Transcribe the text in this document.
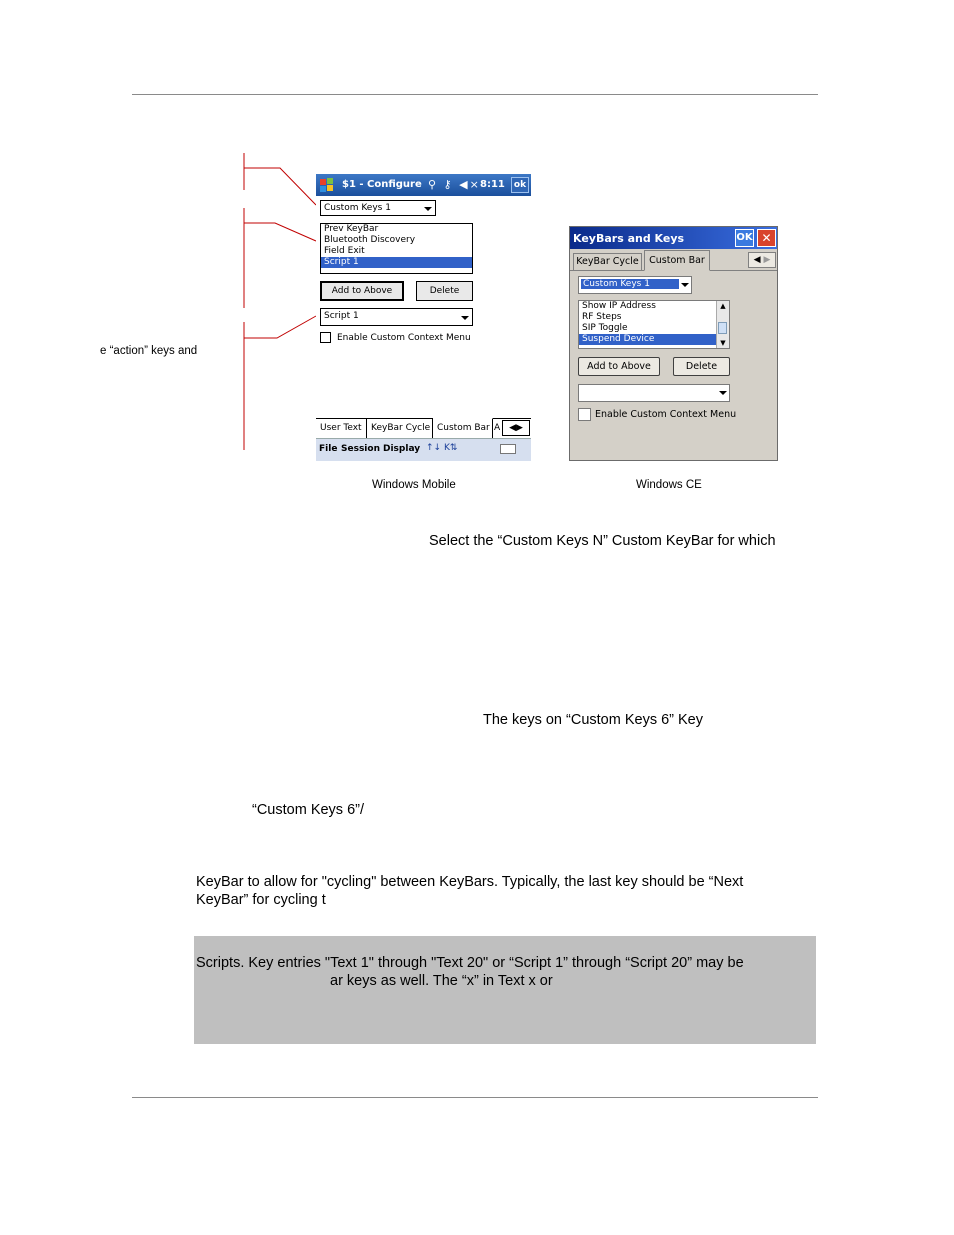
e “action” keys and
$1 - Configure ⚲ ⚷ ◀× 8:11	ok
Custom Keys 1
Prev KeyBar
Bluetooth Discovery
Field Exit
Script 1
Add to Above	Delete
Script 1
Enable Custom Context Menu
User Text	KeyBar Cycle Custom Bar A ◀▶
File Session Display ↑↓ K⇅
KeyBars and Keys	OK ✕
KeyBar Cycle	Custom Bar	◀ ▶
Custom Keys 1
Show IP Address
RF Steps
SIP Toggle
Suspend Device
▲
▼
Add to Above	Delete
Enable Custom Context Menu
Windows Mobile	Windows CE
Select the “Custom Keys N” Custom KeyBar for which
The keys on “Custom Keys 6” Key
“Custom Keys 6”/
KeyBar to allow for "cycling" between KeyBars. Typically, the last key should be “Next
KeyBar” for cycling t
Scripts. Key entries "Text 1" through "Text 20" or “Script 1” through “Script 20” may be
ar keys as well. The “x” in Text x or
